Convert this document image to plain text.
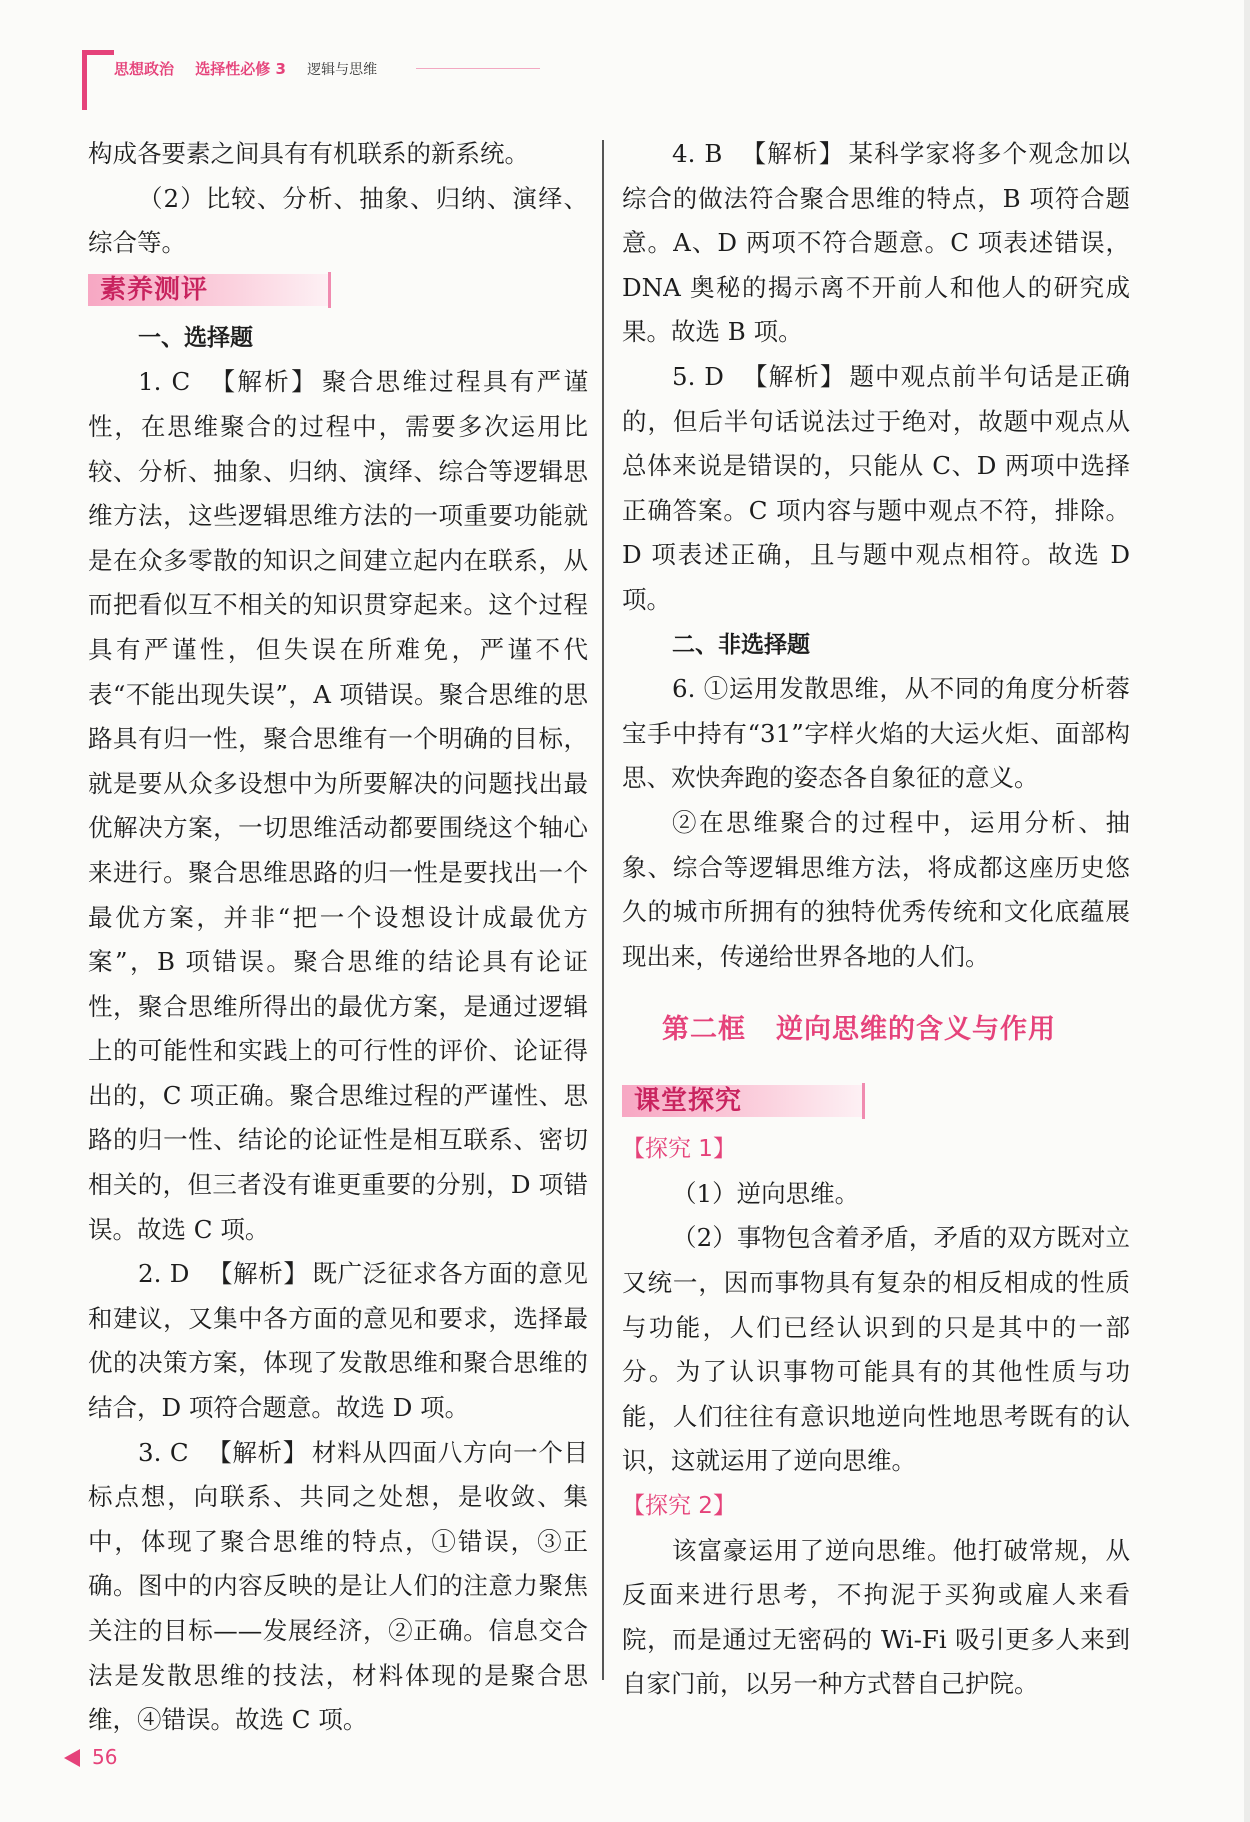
思想政治 选择性必修 3 逻辑与思维

构成各要素之间具有有机联系的新系统。

（2）比较、分析、抽象、归纳、演绎、综合等。

素养测评

一、选择题

1. C 【解析】 聚合思维过程具有严谨性，在思维聚合的过程中，需要多次运用比较、分析、抽象、归纳、演绎、综合等逻辑思维方法，这些逻辑思维方法的一项重要功能就是在众多零散的知识之间建立起内在联系，从而把看似互不相关的知识贯穿起来。这个过程具有严谨性，但失误在所难免，严谨不代表“不能出现失误”，A 项错误。聚合思维的思路具有归一性，聚合思维有一个明确的目标，就是要从众多设想中为所要解决的问题找出最优解决方案，一切思维活动都要围绕这个轴心来进行。聚合思维思路的归一性是要找出一个最优方案，并非“把一个设想设计成最优方案”，B 项错误。聚合思维的结论具有论证性，聚合思维所得出的最优方案，是通过逻辑上的可能性和实践上的可行性的评价、论证得出的，C 项正确。聚合思维过程的严谨性、思路的归一性、结论的论证性是相互联系、密切相关的，但三者没有谁更重要的分别，D 项错误。故选 C 项。

2. D 【解析】 既广泛征求各方面的意见和建议，又集中各方面的意见和要求，选择最优的决策方案，体现了发散思维和聚合思维的结合，D 项符合题意。故选 D 项。

3. C 【解析】 材料从四面八方向一个目标点想，向联系、共同之处想，是收敛、集中，体现了聚合思维的特点，①错误，③正确。图中的内容反映的是让人们的注意力聚焦关注的目标——发展经济，②正确。信息交合法是发散思维的技法，材料体现的是聚合思维，④错误。故选 C 项。

4. B 【解析】 某科学家将多个观念加以综合的做法符合聚合思维的特点，B 项符合题意。A、D 两项不符合题意。C 项表述错误，DNA 奥秘的揭示离不开前人和他人的研究成果。故选 B 项。

5. D 【解析】 题中观点前半句话是正确的，但后半句话说法过于绝对，故题中观点从总体来说是错误的，只能从 C、D 两项中选择正确答案。C 项内容与题中观点不符，排除。D 项表述正确，且与题中观点相符。故选 D 项。

二、非选择题

6. ①运用发散思维，从不同的角度分析蓉宝手中持有“31”字样火焰的大运火炬、面部构思、欢快奔跑的姿态各自象征的意义。

②在思维聚合的过程中，运用分析、抽象、综合等逻辑思维方法，将成都这座历史悠久的城市所拥有的独特优秀传统和文化底蕴展现出来，传递给世界各地的人们。

第二框 逆向思维的含义与作用
课堂探究

【探究 1】

（1）逆向思维。

（2）事物包含着矛盾，矛盾的双方既对立又统一，因而事物具有复杂的相反相成的性质与功能，人们已经认识到的只是其中的一部分。为了认识事物可能具有的其他性质与功能，人们往往有意识地逆向性地思考既有的认识，这就运用了逆向思维。

【探究 2】

该富豪运用了逆向思维。他打破常规，从反面来进行思考，不拘泥于买狗或雇人来看院，而是通过无密码的 Wi-Fi 吸引更多人来到自家门前，以另一种方式替自己护院。

56
